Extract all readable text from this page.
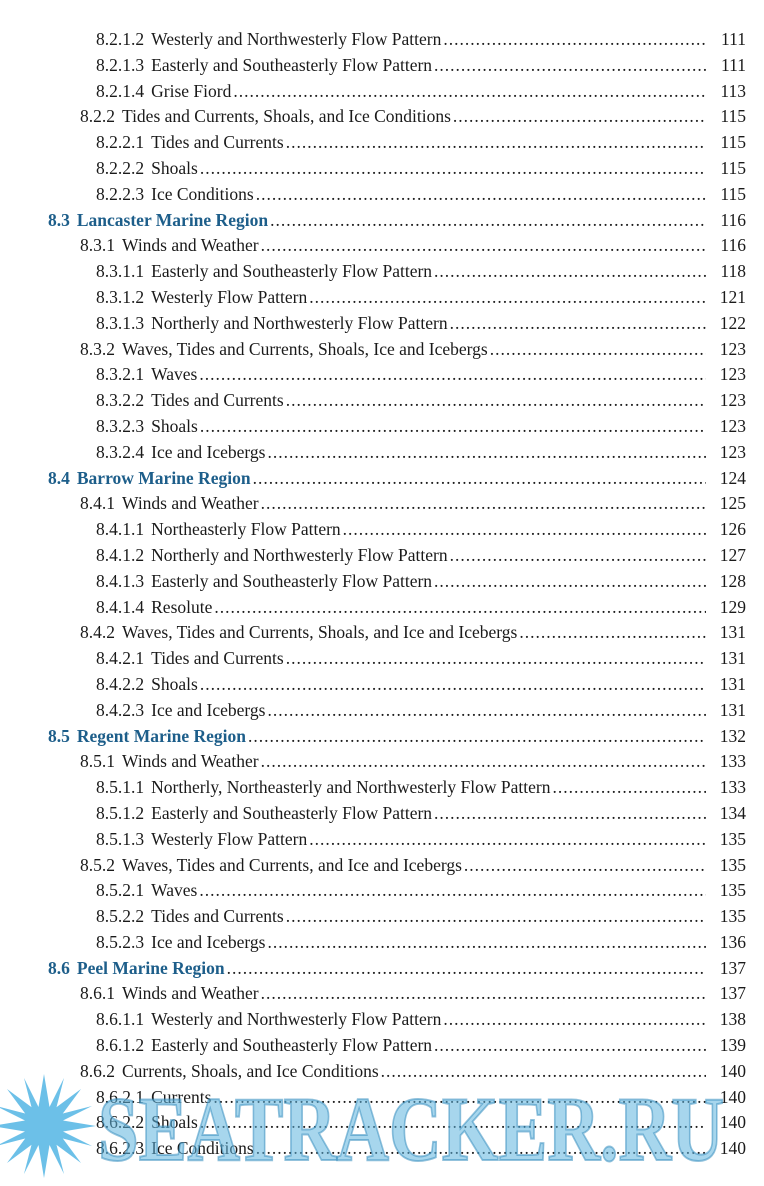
8.2.1.2 Westerly and Northwesterly Flow Pattern .....	111
8.2.1.3 Easterly and Southeasterly Flow Pattern .....	111
8.2.1.4 Grise Fiord .....	113
8.2.2 Tides and Currents, Shoals, and Ice Conditions .....	115
8.2.2.1 Tides and Currents .....	115
8.2.2.2 Shoals .....	115
8.2.2.3 Ice Conditions .....	115
8.3 Lancaster Marine Region .....	116
8.3.1 Winds and Weather .....	116
8.3.1.1 Easterly and Southeasterly Flow Pattern .....	118
8.3.1.2 Westerly Flow Pattern .....	121
8.3.1.3 Northerly and Northwesterly Flow Pattern .....	122
8.3.2 Waves, Tides and Currents, Shoals, Ice and Icebergs .....	123
8.3.2.1 Waves .....	123
8.3.2.2 Tides and Currents .....	123
8.3.2.3 Shoals .....	123
8.3.2.4 Ice and Icebergs .....	123
8.4 Barrow Marine Region .....	124
8.4.1 Winds and Weather .....	125
8.4.1.1 Northeasterly Flow Pattern .....	126
8.4.1.2 Northerly and Northwesterly Flow Pattern .....	127
8.4.1.3 Easterly and Southeasterly Flow Pattern .....	128
8.4.1.4 Resolute .....	129
8.4.2 Waves, Tides and Currents, Shoals, and Ice and Icebergs .....	131
8.4.2.1 Tides and Currents .....	131
8.4.2.2 Shoals .....	131
8.4.2.3 Ice and Icebergs .....	131
8.5 Regent Marine Region .....	132
8.5.1 Winds and Weather .....	133
8.5.1.1 Northerly, Northeasterly and Northwesterly Flow Pattern .....	133
8.5.1.2 Easterly and Southeasterly Flow Pattern .....	134
8.5.1.3 Westerly Flow Pattern .....	135
8.5.2 Waves, Tides and Currents, and Ice and Icebergs .....	135
8.5.2.1 Waves .....	135
8.5.2.2 Tides and Currents .....	135
8.5.2.3 Ice and Icebergs .....	136
8.6 Peel Marine Region .....	137
8.6.1 Winds and Weather .....	137
8.6.1.1 Westerly and Northwesterly Flow Pattern .....	138
8.6.1.2 Easterly and Southeasterly Flow Pattern .....	139
8.6.2 Currents, Shoals, and Ice Conditions .....	140
8.6.2.1 Currents .....	140
8.6.2.2 Shoals .....	140
8.6.2.3 Ice Conditions .....	140
SEATRACKER.RU
